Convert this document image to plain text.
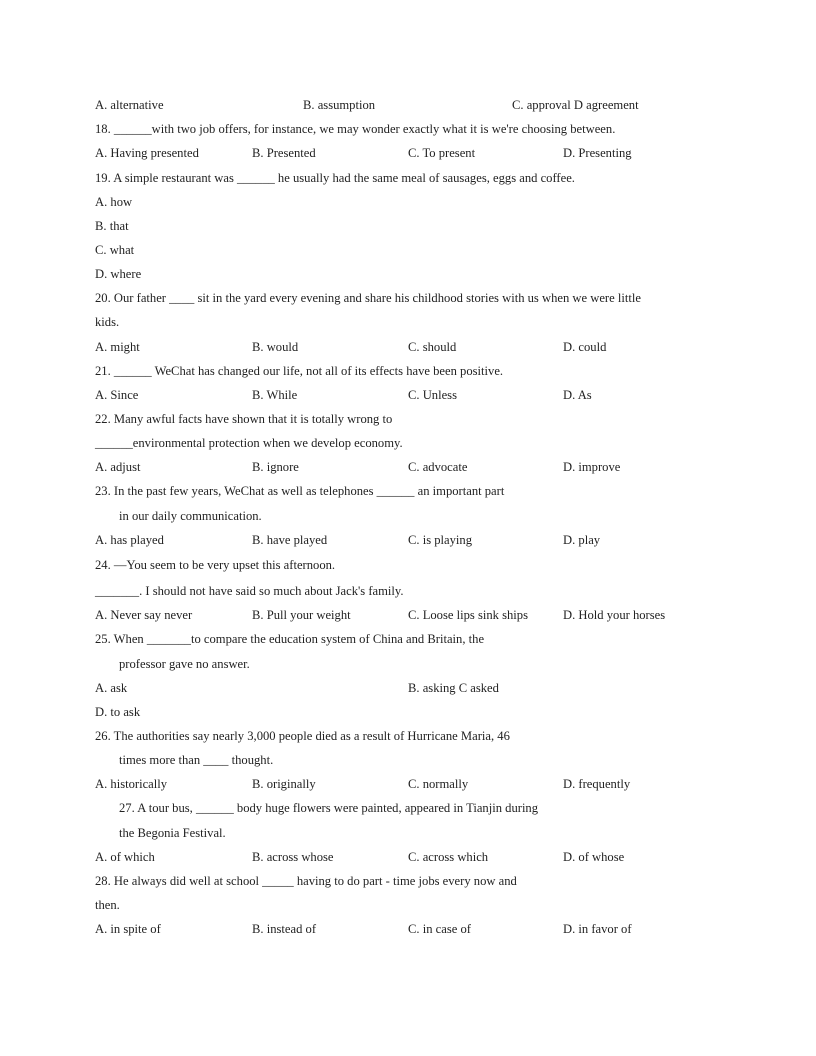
A. alternative	B. assumption	C. approval D agreement
18. ______with two job offers, for instance, we may wonder exactly what it is we're choosing between.
A. Having presented	B. Presented	C. To present	D. Presenting
19. A simple restaurant was ______ he usually had the same meal of sausages, eggs and coffee.
A. how
B. that
C. what
D. where
20. Our father ____ sit in the yard every evening and share his childhood stories with us when we were little
kids.
A. might	B. would	C. should	D. could
21. ______ WeChat has changed our life, not all of its effects have been positive.
A. Since	B. While	C. Unless	D. As
22. Many awful facts have shown that it is totally wrong to
______environmental protection when we develop economy.
A. adjust	B. ignore	C. advocate	D. improve
23. In the past few years, WeChat as well as telephones ______ an important part
in our daily communication.
A. has played	B. have played	C. is playing	D. play
24. —You seem to be very upset this afternoon.
_______. I should not have said so much about Jack's family.
A. Never say never	B. Pull your weight	C. Loose lips sink ships	D. Hold your horses
25. When _______to compare the education system of China and Britain, the
professor gave no answer.
A. ask	B. asking C asked
D. to ask
26. The authorities say nearly 3,000 people died as a result of Hurricane Maria, 46
times more than ____ thought.
A. historically	B. originally	C. normally	D. frequently
27. A tour bus, ______ body huge flowers were painted, appeared in Tianjin during
the Begonia Festival.
A. of which	B. across whose	C. across which	D. of whose
28. He always did well at school _____ having to do part - time jobs every now and
then.
A. in spite of	B. instead of	C. in case of	D. in favor of
